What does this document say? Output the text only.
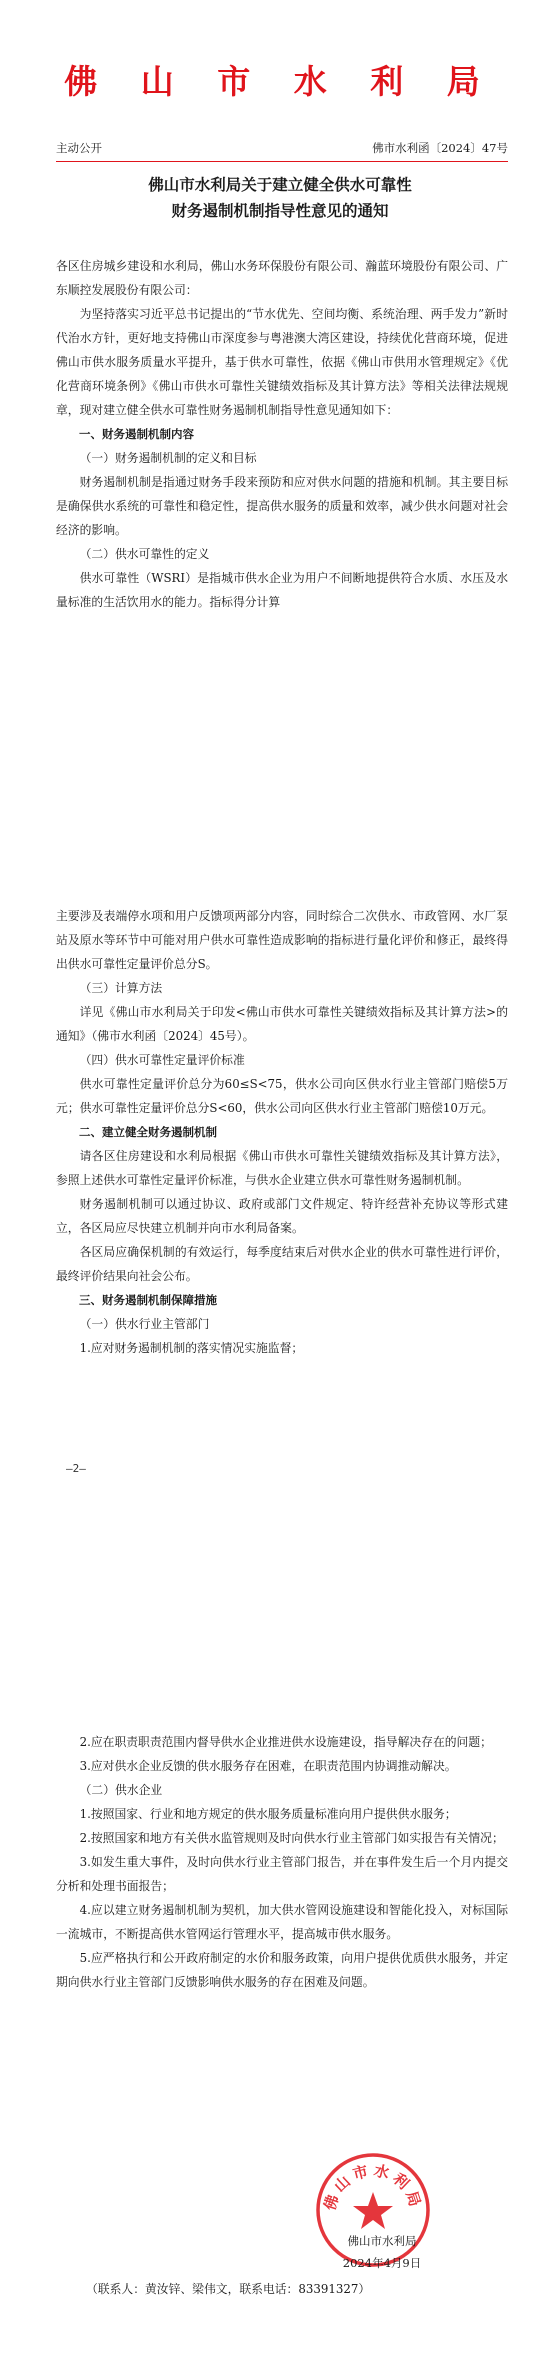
佛 山 市 水 利 局
主动公开	佛市水利函〔2024〕47号
佛山市水利局关于建立健全供水可靠性
财务遏制机制指导性意见的通知

各区住房城乡建设和水利局，佛山水务环保股份有限公司、瀚蓝环境股份有限公司、广东顺控发展股份有限公司：

为坚持落实习近平总书记提出的“节水优先、空间均衡、系统治理、两手发力”新时代治水方针，更好地支持佛山市深度参与粤港澳大湾区建设，持续优化营商环境，促进佛山市供水服务质量水平提升，基于供水可靠性，依据《佛山市供用水管理规定》《优化营商环境条例》《佛山市供水可靠性关键绩效指标及其计算方法》等相关法律法规规章，现对建立健全供水可靠性财务遏制机制指导性意见通知如下：

一、财务遏制机制内容

（一）财务遏制机制的定义和目标

财务遏制机制是指通过财务手段来预防和应对供水问题的措施和机制。其主要目标是确保供水系统的可靠性和稳定性，提高供水服务的质量和效率，减少供水问题对社会经济的影响。

（二）供水可靠性的定义

供水可靠性（WSRI）是指城市供水企业为用户不间断地提供符合水质、水压及水量标准的生活饮用水的能力。指标得分计算

主要涉及表端停水项和用户反馈项两部分内容，同时综合二次供水、市政管网、水厂泵站及原水等环节中可能对用户供水可靠性造成影响的指标进行量化评价和修正，最终得出供水可靠性定量评价总分S。

（三）计算方法

详见《佛山市水利局关于印发<佛山市供水可靠性关键绩效指标及其计算方法>的通知》（佛市水利函〔2024〕45号）。

（四）供水可靠性定量评价标准

供水可靠性定量评价总分为60≤S<75，供水公司向区供水行业主管部门赔偿5万元；供水可靠性定量评价总分S<60，供水公司向区供水行业主管部门赔偿10万元。

二、建立健全财务遏制机制

请各区住房建设和水利局根据《佛山市供水可靠性关键绩效指标及其计算方法》，参照上述供水可靠性定量评价标准，与供水企业建立供水可靠性财务遏制机制。

财务遏制机制可以通过协议、政府或部门文件规定、特许经营补充协议等形式建立，各区局应尽快建立机制并向市水利局备案。

各区局应确保机制的有效运行，每季度结束后对供水企业的供水可靠性进行评价，最终评价结果向社会公布。

三、财务遏制机制保障措施

（一）供水行业主管部门

1.应对财务遏制机制的落实情况实施监督；

—2—

2.应在职责职责范围内督导供水企业推进供水设施建设，指导解决存在的问题；

3.应对供水企业反馈的供水服务存在困难，在职责范围内协调推动解决。

（二）供水企业

1.按照国家、行业和地方规定的供水服务质量标准向用户提供供水服务；

2.按照国家和地方有关供水监管规则及时向供水行业主管部门如实报告有关情况；

3.如发生重大事件，及时向供水行业主管部门报告，并在事件发生后一个月内提交分析和处理书面报告；

4.应以建立财务遏制机制为契机，加大供水管网设施建设和智能化投入，对标国际一流城市，不断提高供水管网运行管理水平，提高城市供水服务。

5.应严格执行和公开政府制定的水价和服务政策，向用户提供优质供水服务，并定期向供水行业主管部门反馈影响供水服务的存在困难及问题。

佛山市水利局
佛山市水利局
2024年4月9日
（联系人：黄汝锌、梁伟文，联系电话：83391327）
